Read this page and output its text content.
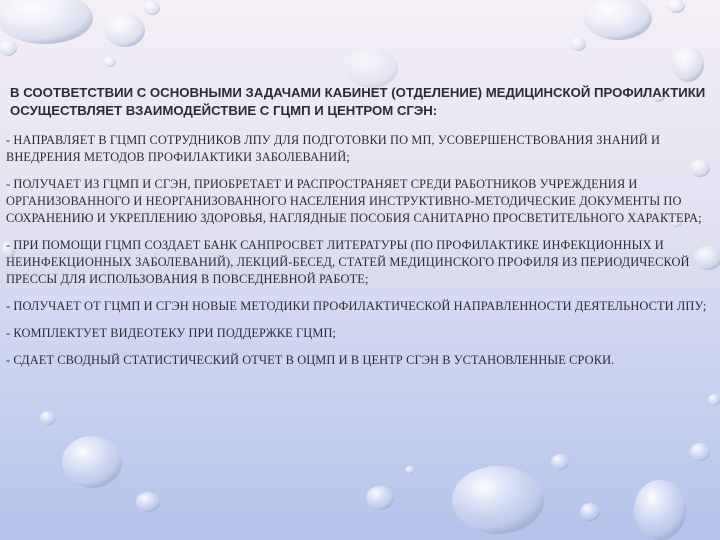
В СООТВЕТСТВИИ С ОСНОВНЫМИ ЗАДАЧАМИ КАБИНЕТ (ОТДЕЛЕНИЕ) МЕДИЦИНСКОЙ ПРОФИЛАКТИКИ ОСУЩЕСТВЛЯЕТ ВЗАИМОДЕЙСТВИЕ С ГЦМП И ЦЕНТРОМ СГЭН:
- НАПРАВЛЯЕТ В ГЦМП СОТРУДНИКОВ ЛПУ ДЛЯ ПОДГОТОВКИ ПО МП, УСОВЕРШЕНСТВОВАНИЯ ЗНАНИЙ И ВНЕДРЕНИЯ МЕТОДОВ ПРОФИЛАКТИКИ ЗАБОЛЕВАНИЙ;
- ПОЛУЧАЕТ ИЗ ГЦМП И СГЭН, ПРИОБРЕТАЕТ И РАСПРОСТРАНЯЕТ СРЕДИ РАБОТНИКОВ УЧРЕЖДЕНИЯ И ОРГАНИЗОВАННОГО И НЕОРГАНИЗОВАННОГО НАСЕЛЕНИЯ ИНСТРУКТИВНО-МЕТОДИЧЕСКИЕ ДОКУМЕНТЫ ПО СОХРАНЕНИЮ И УКРЕПЛЕНИЮ ЗДОРОВЬЯ, НАГЛЯДНЫЕ ПОСОБИЯ САНИТАРНО ПРОСВЕТИТЕЛЬНОГО ХАРАКТЕРА;
- ПРИ ПОМОЩИ ГЦМП СОЗДАЕТ БАНК САНПРОСВЕТ ЛИТЕРАТУРЫ (ПО ПРОФИЛАКТИКЕ ИНФЕКЦИОННЫХ И НЕИНФЕКЦИОННЫХ ЗАБОЛЕВАНИЙ), ЛЕКЦИЙ-БЕСЕД, СТАТЕЙ МЕДИЦИНСКОГО ПРОФИЛЯ ИЗ ПЕРИОДИЧЕСКОЙ ПРЕССЫ ДЛЯ ИСПОЛЬЗОВАНИЯ В ПОВСЕДНЕВНОЙ РАБОТЕ;
- ПОЛУЧАЕТ ОТ ГЦМП И СГЭН НОВЫЕ МЕТОДИКИ ПРОФИЛАКТИЧЕСКОЙ НАПРАВЛЕННОСТИ ДЕЯТЕЛЬНОСТИ ЛПУ;
- КОМПЛЕКТУЕТ ВИДЕОТЕКУ ПРИ ПОДДЕРЖКЕ ГЦМП;
- СДАЕТ СВОДНЫЙ СТАТИСТИЧЕСКИЙ ОТЧЕТ В ОЦМП И В ЦЕНТР СГЭН В УСТАНОВЛЕННЫЕ СРОКИ.
